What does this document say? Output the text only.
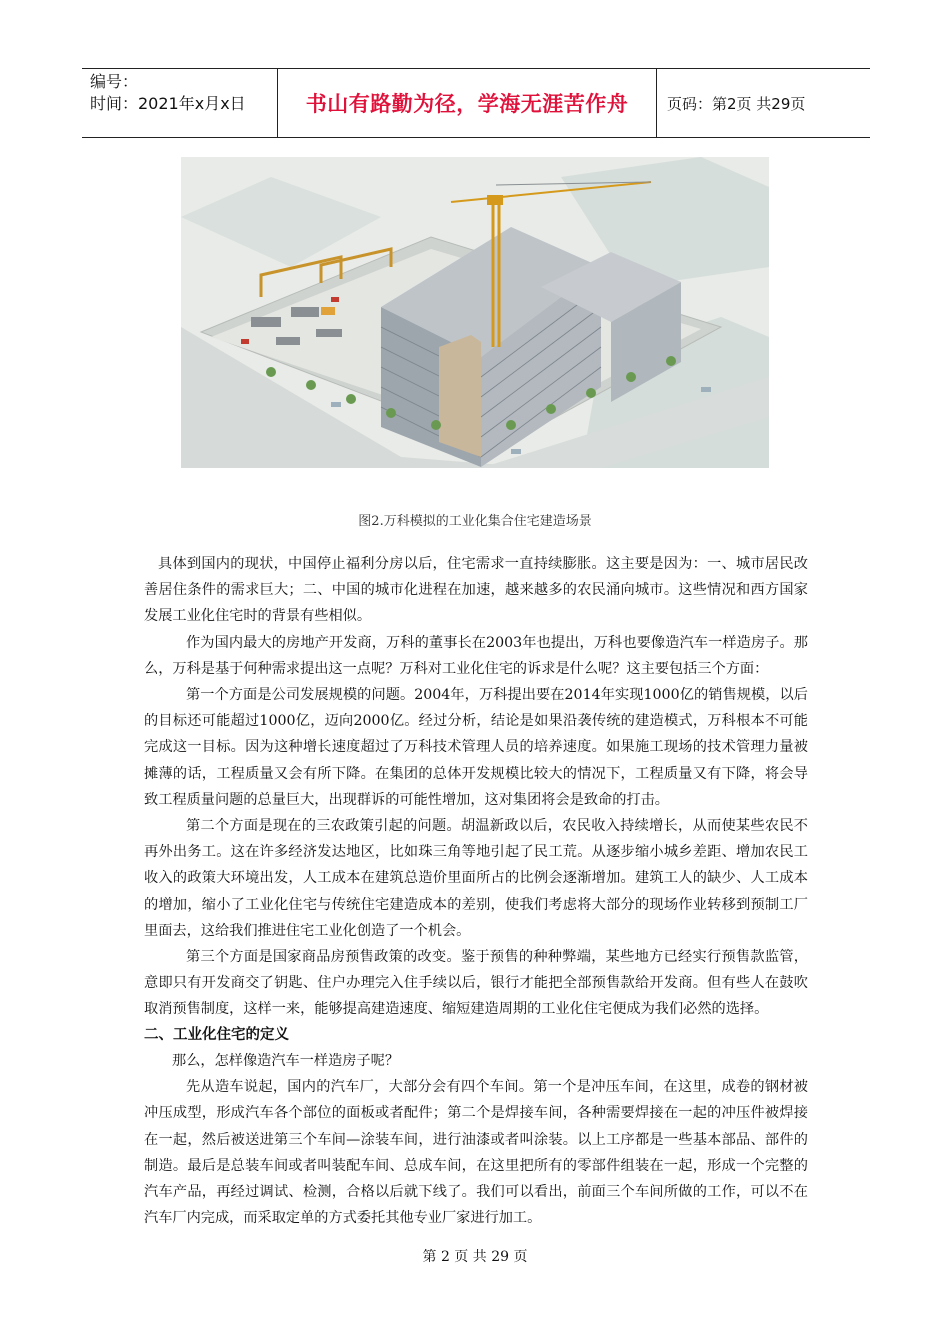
编号：
时间：2021年x月x日	书山有路勤为径，学海无涯苦作舟	页码：第2页 共29页
图2.万科模拟的工业化集合住宅建造场景

具体到国内的现状，中国停止福利分房以后，住宅需求一直持续膨胀。这主要是因为：一、城市居民改善居住条件的需求巨大；二、中国的城市化进程在加速，越来越多的农民涌向城市。这些情况和西方国家发展工业化住宅时的背景有些相似。

作为国内最大的房地产开发商，万科的董事长在2003年也提出，万科也要像造汽车一样造房子。那么，万科是基于何种需求提出这一点呢？万科对工业化住宅的诉求是什么呢？这主要包括三个方面：

第一个方面是公司发展规模的问题。2004年，万科提出要在2014年实现1000亿的销售规模，以后的目标还可能超过1000亿，迈向2000亿。经过分析，结论是如果沿袭传统的建造模式，万科根本不可能完成这一目标。因为这种增长速度超过了万科技术管理人员的培养速度。如果施工现场的技术管理力量被摊薄的话，工程质量又会有所下降。在集团的总体开发规模比较大的情况下，工程质量又有下降，将会导致工程质量问题的总量巨大，出现群诉的可能性增加，这对集团将会是致命的打击。

第二个方面是现在的三农政策引起的问题。胡温新政以后，农民收入持续增长，从而使某些农民不再外出务工。这在许多经济发达地区，比如珠三角等地引起了民工荒。从逐步缩小城乡差距、增加农民工收入的政策大环境出发，人工成本在建筑总造价里面所占的比例会逐渐增加。建筑工人的缺少、人工成本的增加，缩小了工业化住宅与传统住宅建造成本的差别，使我们考虑将大部分的现场作业转移到预制工厂里面去，这给我们推进住宅工业化创造了一个机会。

第三个方面是国家商品房预售政策的改变。鉴于预售的种种弊端，某些地方已经实行预售款监管，意即只有开发商交了钥匙、住户办理完入住手续以后，银行才能把全部预售款给开发商。但有些人在鼓吹取消预售制度，这样一来，能够提高建造速度、缩短建造周期的工业化住宅便成为我们必然的选择。

二、工业化住宅的定义

那么，怎样像造汽车一样造房子呢？

先从造车说起，国内的汽车厂，大部分会有四个车间。第一个是冲压车间，在这里，成卷的钢材被冲压成型，形成汽车各个部位的面板或者配件；第二个是焊接车间，各种需要焊接在一起的冲压件被焊接在一起，然后被送进第三个车间—涂装车间，进行油漆或者叫涂装。以上工序都是一些基本部品、部件的制造。最后是总装车间或者叫装配车间、总成车间，在这里把所有的零部件组装在一起，形成一个完整的汽车产品，再经过调试、检测，合格以后就下线了。我们可以看出，前面三个车间所做的工作，可以不在汽车厂内完成，而采取定单的方式委托其他专业厂家进行加工。

第 2 页 共 29 页
